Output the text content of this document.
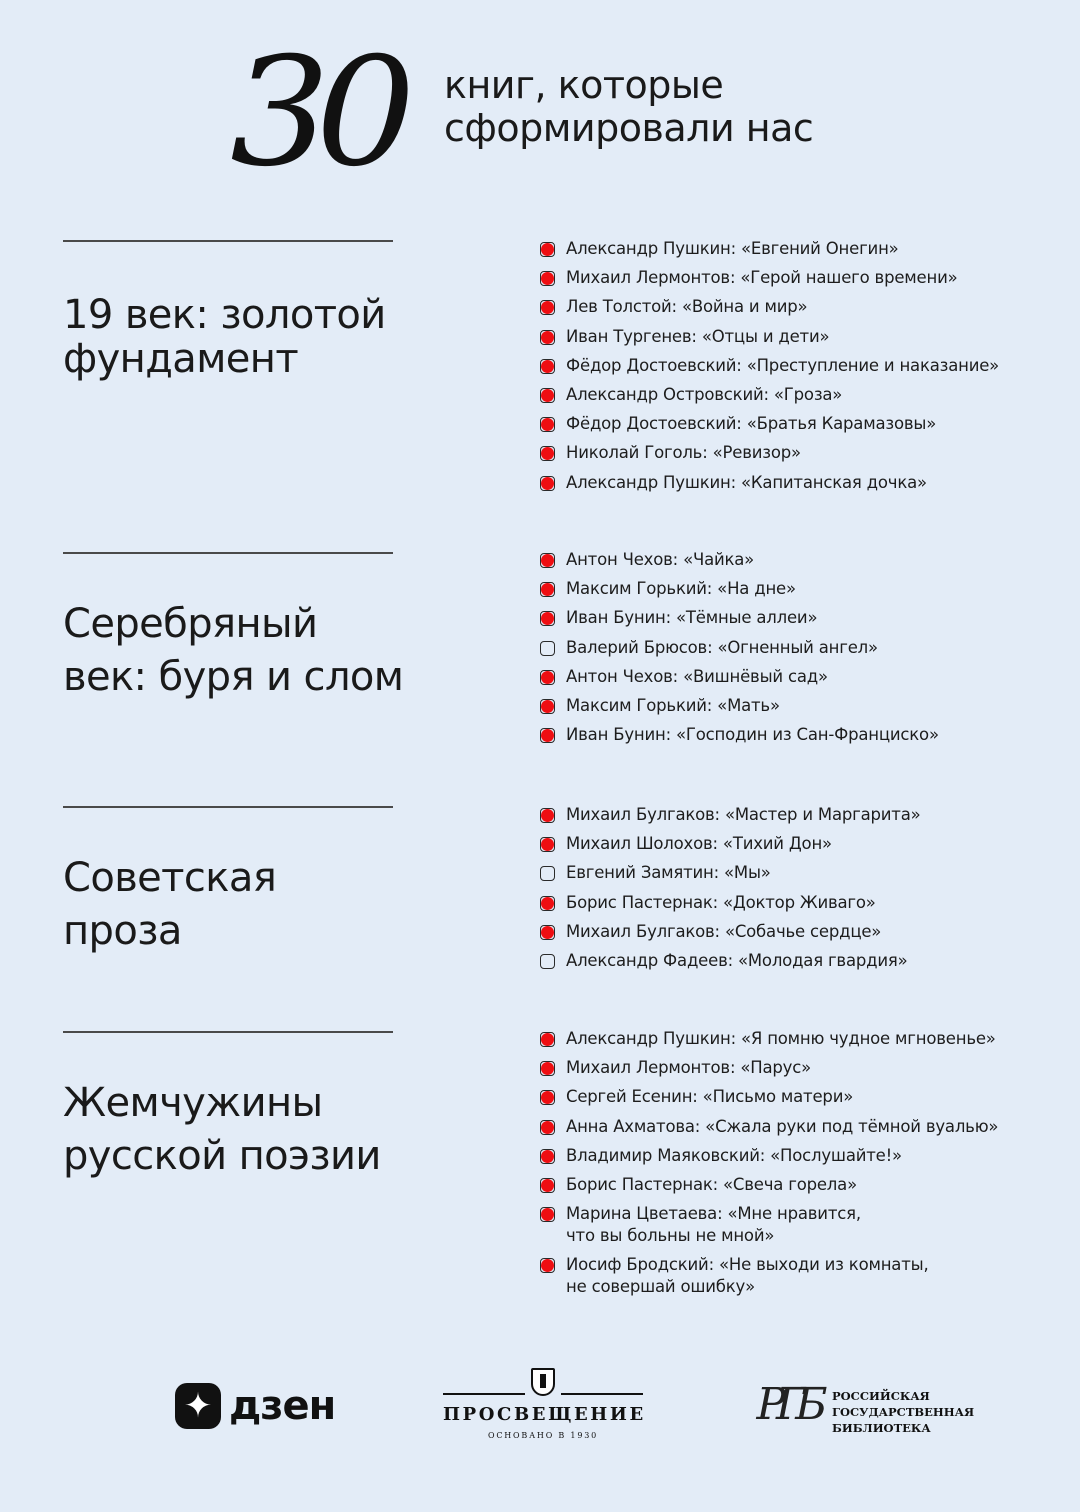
30 книг, которые
сформировали нас
19 век: золотой
фундамент
Александр Пушкин: «Евгений Онегин»
Михаил Лермонтов: «Герой нашего времени»
Лев Толстой: «Война и мир»
Иван Тургенев: «Отцы и дети»
Фёдор Достоевский: «Преступление и наказание»
Александр Островский: «Гроза»
Фёдор Достоевский: «Братья Карамазовы»
Николай Гоголь: «Ревизор»
Александр Пушкин: «Капитанская дочка»
Серебряный
век: буря и слом
Антон Чехов: «Чайка»
Максим Горький: «На дне»
Иван Бунин: «Тёмные аллеи»
Валерий Брюсов: «Огненный ангел»
Антон Чехов: «Вишнёвый сад»
Максим Горький: «Мать»
Иван Бунин: «Господин из Сан-Франциско»
Советская
проза
Михаил Булгаков: «Мастер и Маргарита»
Михаил Шолохов: «Тихий Дон»
Евгений Замятин: «Мы»
Борис Пастернак: «Доктор Живаго»
Михаил Булгаков: «Собачье сердце»
Александр Фадеев: «Молодая гвардия»
Жемчужины
русской поэзии
Александр Пушкин: «Я помню чудное мгновенье»
Михаил Лермонтов: «Парус»
Сергей Есенин: «Письмо матери»
Анна Ахматова: «Сжала руки под тёмной вуалью»
Владимир Маяковский: «Послушайте!»
Борис Пастернак: «Свеча горела»
Марина Цветаева: «Мне нравится,
что вы больны не мной»
Иосиф Бродский: «Не выходи из комнаты,
не совершай ошибку»
✦
дзен	ПРОСВЕЩЕНИЕ
ОСНОВАНО В 1930
РГБ	РОССИЙСКАЯ
ГОСУДАРСТВЕННАЯ
БИБЛИОТЕКА
